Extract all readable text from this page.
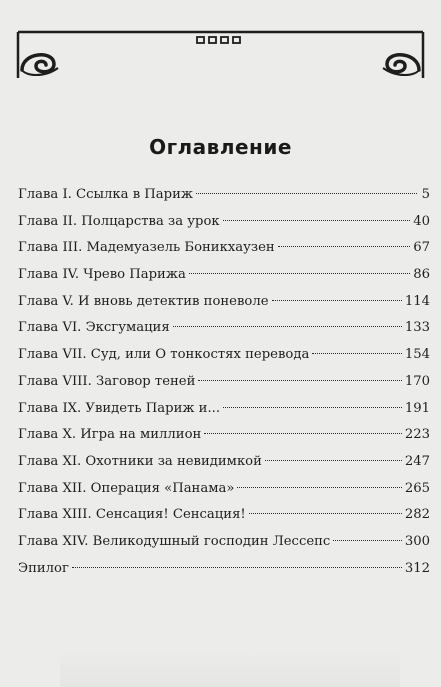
Оглавление
Глава I. Ссылка в Париж	5
Глава II. Полцарства за урок	40
Глава III. Мадемуазель Боникхаузен	67
Глава IV. Чрево Парижа	86
Глава V. И вновь детектив поневоле	114
Глава VI. Эксгумация	133
Глава VII. Суд, или О тонкостях перевода	154
Глава VIII. Заговор теней	170
Глава IX. Увидеть Париж и...	191
Глава X. Игра на миллион	223
Глава XI. Охотники за невидимкой	247
Глава XII. Операция «Панама»	265
Глава XIII. Сенсация! Сенсация!	282
Глава XIV. Великодушный господин Лессепс	300
Эпилог	312
